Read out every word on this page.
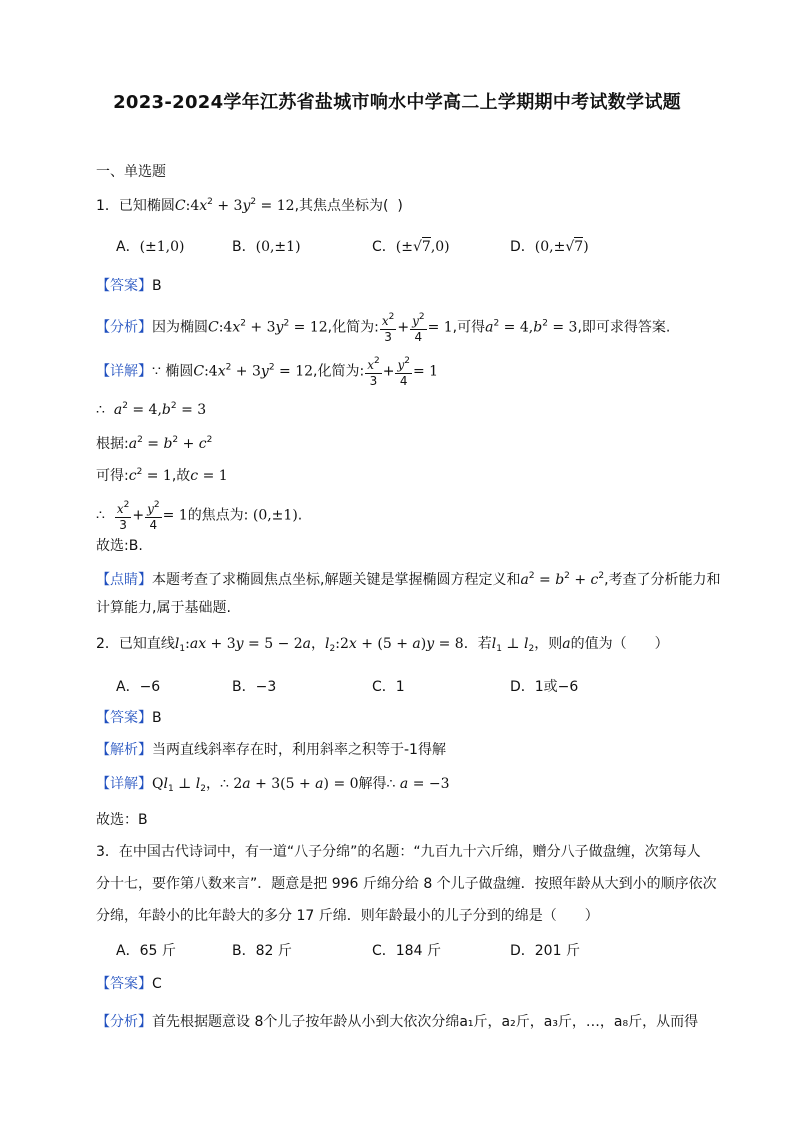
2023-2024学年江苏省盐城市响水中学高二上学期期中考试数学试题
一、单选题
1．已知椭圆$C:4x^2 + 3y^2 = 12$,其焦点坐标为( )
A．(±1,0)	B．(0,±1)	C．(±√7,0)	D．(0,±√7)
【答案】B
【分析】因为椭圆$C:4x^2 + 3y^2 = 12$,化简为: $\frac{x^2}{3} + \frac{y^2}{4} = 1$,可得$a^2 = 4,b^2 = 3$,即可求得答案.
【详解】∵ 椭圆$C:4x^2 + 3y^2 = 12$,化简为: $\frac{x^2}{3} + \frac{y^2}{4} = 1$
∴ $a^2 = 4,b^2 = 3$
根据$:a^2 = b^2 + c^2$
可得$:c^2 = 1$,故c = 1
∴ $\frac{x^2}{3} + \frac{y^2}{4} = 1$的焦点为: (0,±1).
故选:B.
【点睛】本题考查了求椭圆焦点坐标,解题关键是掌握椭圆方程定义和$a^2 = b^2 + c^2$,考查了分析能力和
计算能力,属于基础题.
2．已知直线$l_1:ax + 3y = 5 - 2a$，$l_2:2x + (5 + a)y = 8$．若$l_1$ ⊥ $l_2$，则a的值为（　　）
A．−6	B．−3	C．1	D．1或−6
【答案】B
【解析】当两直线斜率存在时，利用斜率之积等于-1得解
【详解】$Ql_1$ ⊥ $l_2$，∴ 2a + 3(5 + a) = 0解得∴ a = −3
故选：B
3．在中国古代诗词中，有一道“八子分绵”的名题：“九百九十六斤绵，赠分八子做盘缠，次第每人
分十七，要作第八数来言”．题意是把 996 斤绵分给 8 个儿子做盘缠．按照年龄从大到小的顺序依次
分绵，年龄小的比年龄大的多分 17 斤绵．则年龄最小的儿子分到的绵是（　　）
A．65 斤	B．82 斤	C．184 斤	D．201 斤
【答案】C
【分析】首先根据题意设 8个儿子按年龄从小到大依次分绵a₁斤，a₂斤，a₃斤，…，a₈斤，从而得
